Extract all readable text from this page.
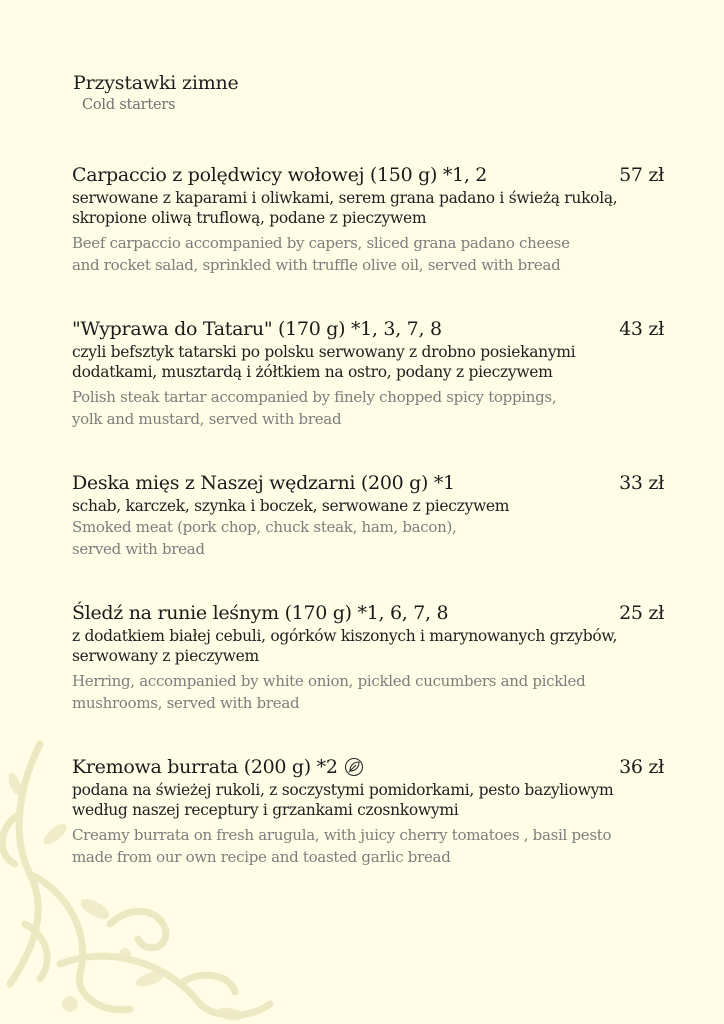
Przystawki zimne
Cold starters
Carpaccio z polędwicy wołowej (150 g) *1, 2	57 zł
serwowane z kaparami i oliwkami, serem grana padano i świeżą rukolą,
skropione oliwą truflową, podane z pieczywem
Beef carpaccio accompanied by capers, sliced grana padano cheese
and rocket salad, sprinkled with truffle olive oil, served with bread
"Wyprawa do Tataru" (170 g) *1, 3, 7, 8	43 zł
czyli befsztyk tatarski po polsku serwowany z drobno posiekanymi
dodatkami, musztardą i żółtkiem na ostro, podany z pieczywem
Polish steak tartar accompanied by finely chopped spicy toppings,
yolk and mustard, served with bread
Deska mięs z Naszej wędzarni (200 g) *1	33 zł
schab, karczek, szynka i boczek, serwowane z pieczywem
Smoked meat (pork chop, chuck steak, ham, bacon),
served with bread
Śledź na runie leśnym (170 g) *1, 6, 7, 8	25 zł
z dodatkiem białej cebuli, ogórków kiszonych i marynowanych grzybów,
serwowany z pieczywem
Herring, accompanied by white onion, pickled cucumbers and pickled
mushrooms, served with bread
Kremowa burrata (200 g) *2	36 zł
podana na świeżej rukoli, z soczystymi pomidorkami, pesto bazyliowym
według naszej receptury i grzankami czosnkowymi
Creamy burrata on fresh arugula, with juicy cherry tomatoes , basil pesto
made from our own recipe and toasted garlic bread
